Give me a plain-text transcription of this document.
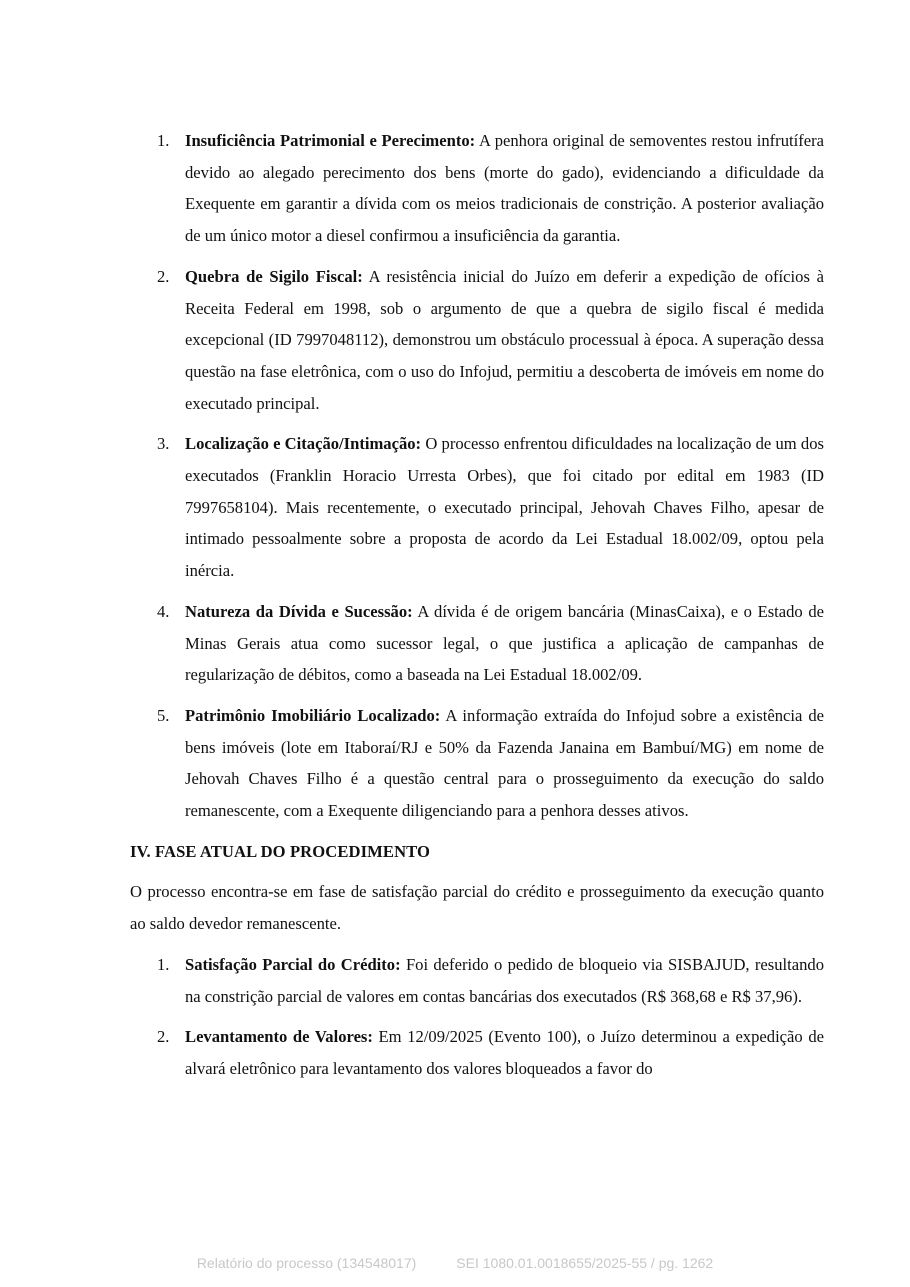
1. Insuficiência Patrimonial e Perecimento: A penhora original de semoventes restou infrutífera devido ao alegado perecimento dos bens (morte do gado), evidenciando a dificuldade da Exequente em garantir a dívida com os meios tradicionais de constrição. A posterior avaliação de um único motor a diesel confirmou a insuficiência da garantia.
2. Quebra de Sigilo Fiscal: A resistência inicial do Juízo em deferir a expedição de ofícios à Receita Federal em 1998, sob o argumento de que a quebra de sigilo fiscal é medida excepcional (ID 7997048112), demonstrou um obstáculo processual à época. A superação dessa questão na fase eletrônica, com o uso do Infojud, permitiu a descoberta de imóveis em nome do executado principal.
3. Localização e Citação/Intimação: O processo enfrentou dificuldades na localização de um dos executados (Franklin Horacio Urresta Orbes), que foi citado por edital em 1983 (ID 7997658104). Mais recentemente, o executado principal, Jehovah Chaves Filho, apesar de intimado pessoalmente sobre a proposta de acordo da Lei Estadual 18.002/09, optou pela inércia.
4. Natureza da Dívida e Sucessão: A dívida é de origem bancária (MinasCaixa), e o Estado de Minas Gerais atua como sucessor legal, o que justifica a aplicação de campanhas de regularização de débitos, como a baseada na Lei Estadual 18.002/09.
5. Patrimônio Imobiliário Localizado: A informação extraída do Infojud sobre a existência de bens imóveis (lote em Itaboraí/RJ e 50% da Fazenda Janaina em Bambuí/MG) em nome de Jehovah Chaves Filho é a questão central para o prosseguimento da execução do saldo remanescente, com a Exequente diligenciando para a penhora desses ativos.
IV. FASE ATUAL DO PROCEDIMENTO

O processo encontra-se em fase de satisfação parcial do crédito e prosseguimento da execução quanto ao saldo devedor remanescente.

1. Satisfação Parcial do Crédito: Foi deferido o pedido de bloqueio via SISBAJUD, resultando na constrição parcial de valores em contas bancárias dos executados (R$ 368,68 e R$ 37,96).
2. Levantamento de Valores: Em 12/09/2025 (Evento 100), o Juízo determinou a expedição de alvará eletrônico para levantamento dos valores bloqueados a favor do
Relatório do processo (134548017)	SEI 1080.01.0018655/2025-55 / pg. 1262
